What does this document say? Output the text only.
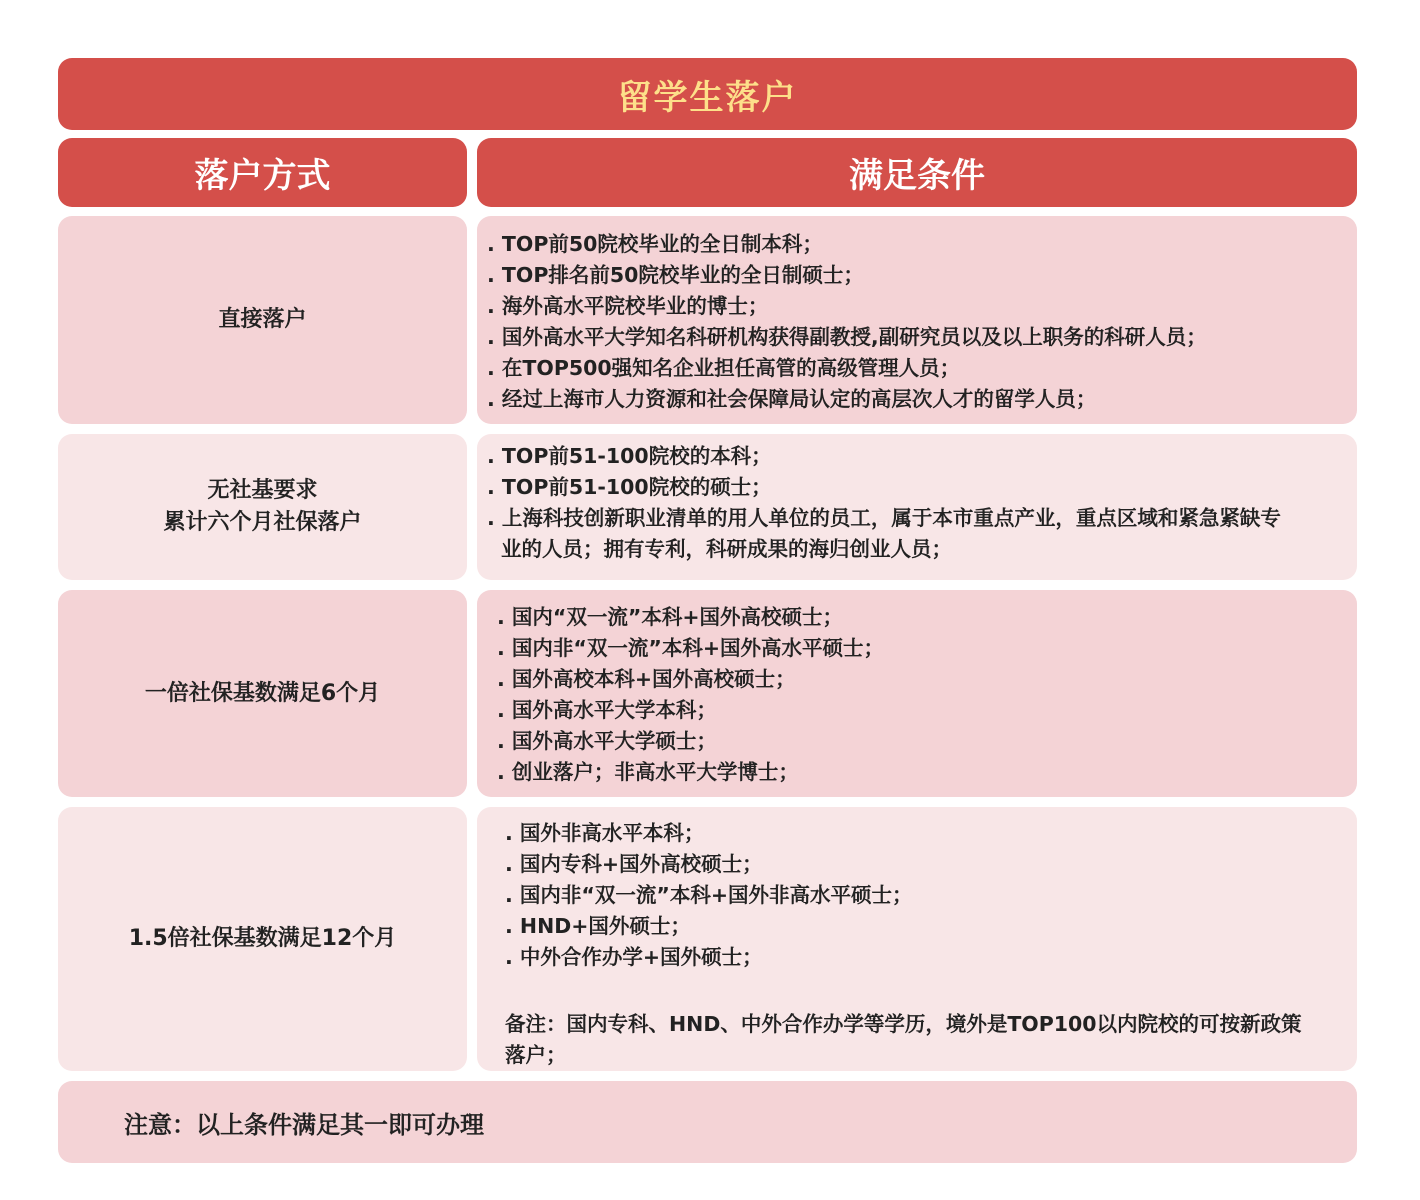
留学生落户
落户方式	满足条件
直接落户
. TOP前50院校毕业的全日制本科；
. TOP排名前50院校毕业的全日制硕士；
. 海外高水平院校毕业的博士；
. 国外高水平大学知名科研机构获得副教授,副研究员以及以上职务的科研人员；
. 在TOP500强知名企业担任高管的高级管理人员；
. 经过上海市人力资源和社会保障局认定的高层次人才的留学人员；
无社基要求
累计六个月社保落户
. TOP前51-100院校的本科；
. TOP前51-100院校的硕士；
. 上海科技创新职业清单的用人单位的员工，属于本市重点产业，重点区域和紧急紧缺专业的人员；拥有专利，科研成果的海归创业人员；
一倍社保基数满足6个月
. 国内“双一流”本科+国外高校硕士；
. 国内非“双一流”本科+国外高水平硕士；
. 国外高校本科+国外高校硕士；
. 国外高水平大学本科；
. 国外高水平大学硕士；
. 创业落户；非高水平大学博士；
1.5倍社保基数满足12个月
. 国外非高水平本科；
. 国内专科+国外高校硕士；
. 国内非“双一流”本科+国外非高水平硕士；
. HND+国外硕士；
. 中外合作办学+国外硕士；
备注：国内专科、HND、中外合作办学等学历，境外是TOP100以内院校的可按新政策落户；
注意：以上条件满足其一即可办理
